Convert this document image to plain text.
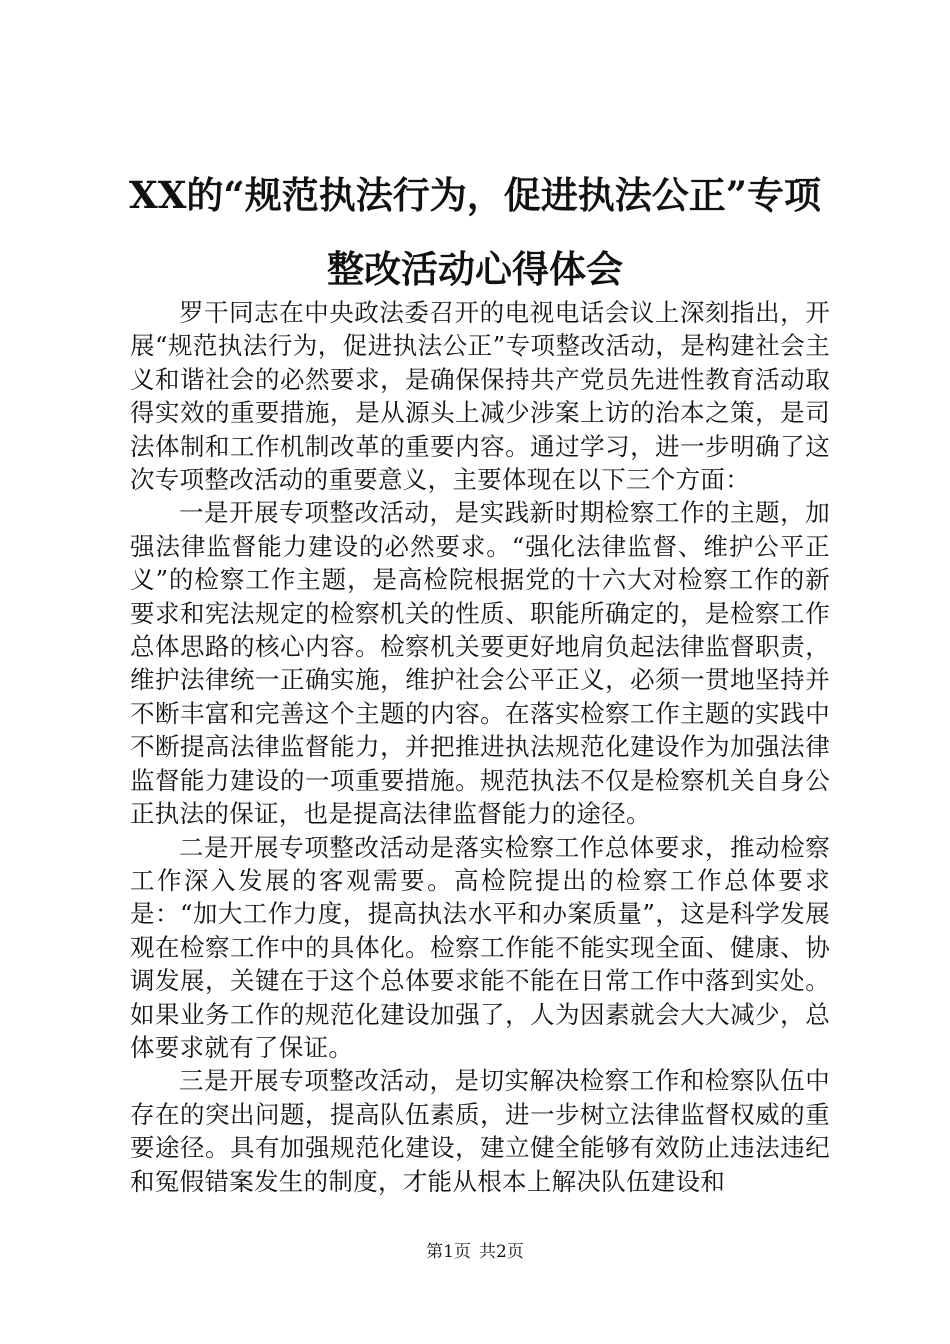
XX的“规范执法行为，促进执法公正”专项
整改活动心得体会

罗干同志在中央政法委召开的电视电话会议上深刻指出，开展“规范执法行为，促进执法公正”专项整改活动，是构建社会主义和谐社会的必然要求，是确保保持共产党员先进性教育活动取得实效的重要措施，是从源头上减少涉案上访的治本之策，是司法体制和工作机制改革的重要内容。通过学习，进一步明确了这次专项整改活动的重要意义，主要体现在以下三个方面：

一是开展专项整改活动，是实践新时期检察工作的主题，加强法律监督能力建设的必然要求。“强化法律监督、维护公平正义”的检察工作主题，是高检院根据党的十六大对检察工作的新要求和宪法规定的检察机关的性质、职能所确定的，是检察工作总体思路的核心内容。检察机关要更好地肩负起法律监督职责，维护法律统一正确实施，维护社会公平正义，必须一贯地坚持并不断丰富和完善这个主题的内容。在落实检察工作主题的实践中不断提高法律监督能力，并把推进执法规范化建设作为加强法律监督能力建设的一项重要措施。规范执法不仅是检察机关自身公正执法的保证，也是提高法律监督能力的途径。

二是开展专项整改活动是落实检察工作总体要求，推动检察工作深入发展的客观需要。高检院提出的检察工作总体要求是：“加大工作力度，提高执法水平和办案质量”，这是科学发展观在检察工作中的具体化。检察工作能不能实现全面、健康、协调发展，关键在于这个总体要求能不能在日常工作中落到实处。如果业务工作的规范化建设加强了，人为因素就会大大减少，总体要求就有了保证。

三是开展专项整改活动，是切实解决检察工作和检察队伍中存在的突出问题，提高队伍素质，进一步树立法律监督权威的重要途径。具有加强规范化建设，建立健全能够有效防止违法违纪和冤假错案发生的制度，才能从根本上解决队伍建设和

第1页 共2页
